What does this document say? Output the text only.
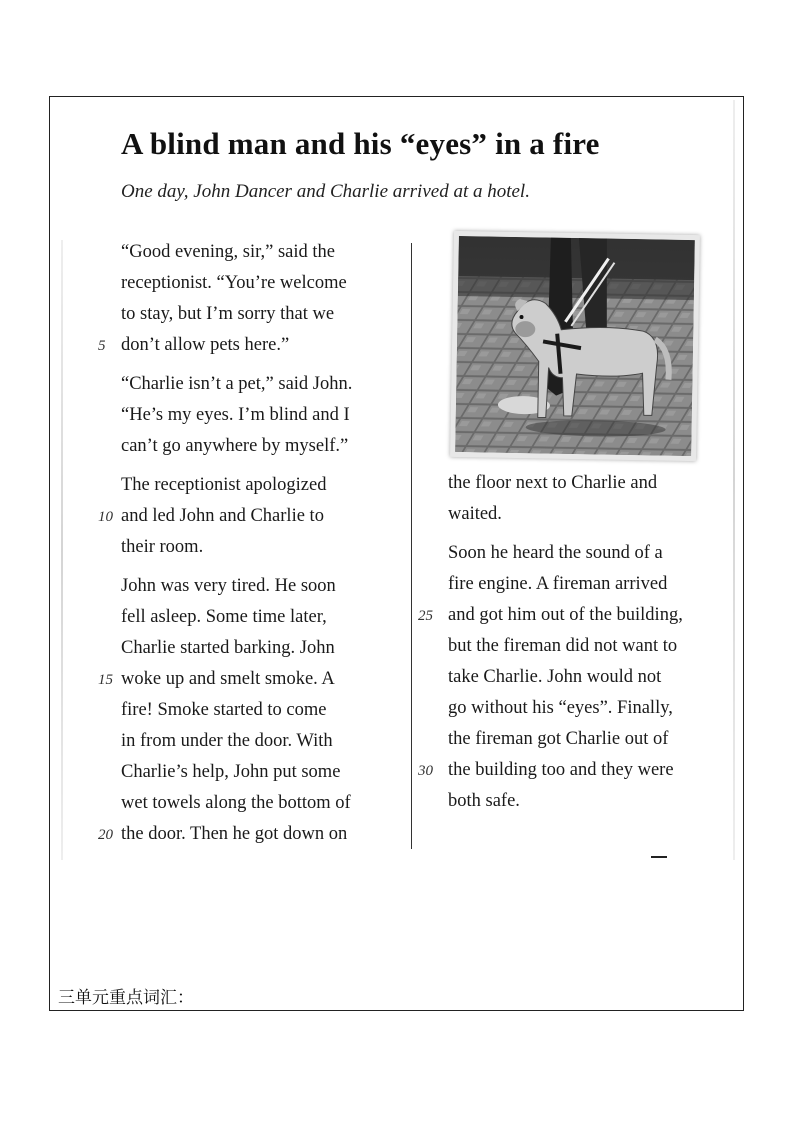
A blind man and his “eyes” in a fire
One day, John Dancer and Charlie arrived at a hotel.
“Good evening, sir,” said the
receptionist. “You’re welcome
to stay, but I’m sorry that we
don’t allow pets here.”
5
“Charlie isn’t a pet,” said John.
“He’s my eyes. I’m blind and I
can’t go anywhere by myself.”
The receptionist apologized
and led John and Charlie to
10
their room.
John was very tired. He soon
fell asleep. Some time later,
Charlie started barking. John
woke up and smelt smoke. A
15
fire! Smoke started to come
in from under the door. With
Charlie’s help, John put some
wet towels along the bottom of
the door. Then he got down on
20
the floor next to Charlie and
waited.
Soon he heard the sound of a
fire engine. A fireman arrived
and got him out of the building,
25
but the fireman did not want to
take Charlie. John would not
go without his “eyes”. Finally,
the fireman got Charlie out of
the building too and they were
30
both safe.
三单元重点词汇：
